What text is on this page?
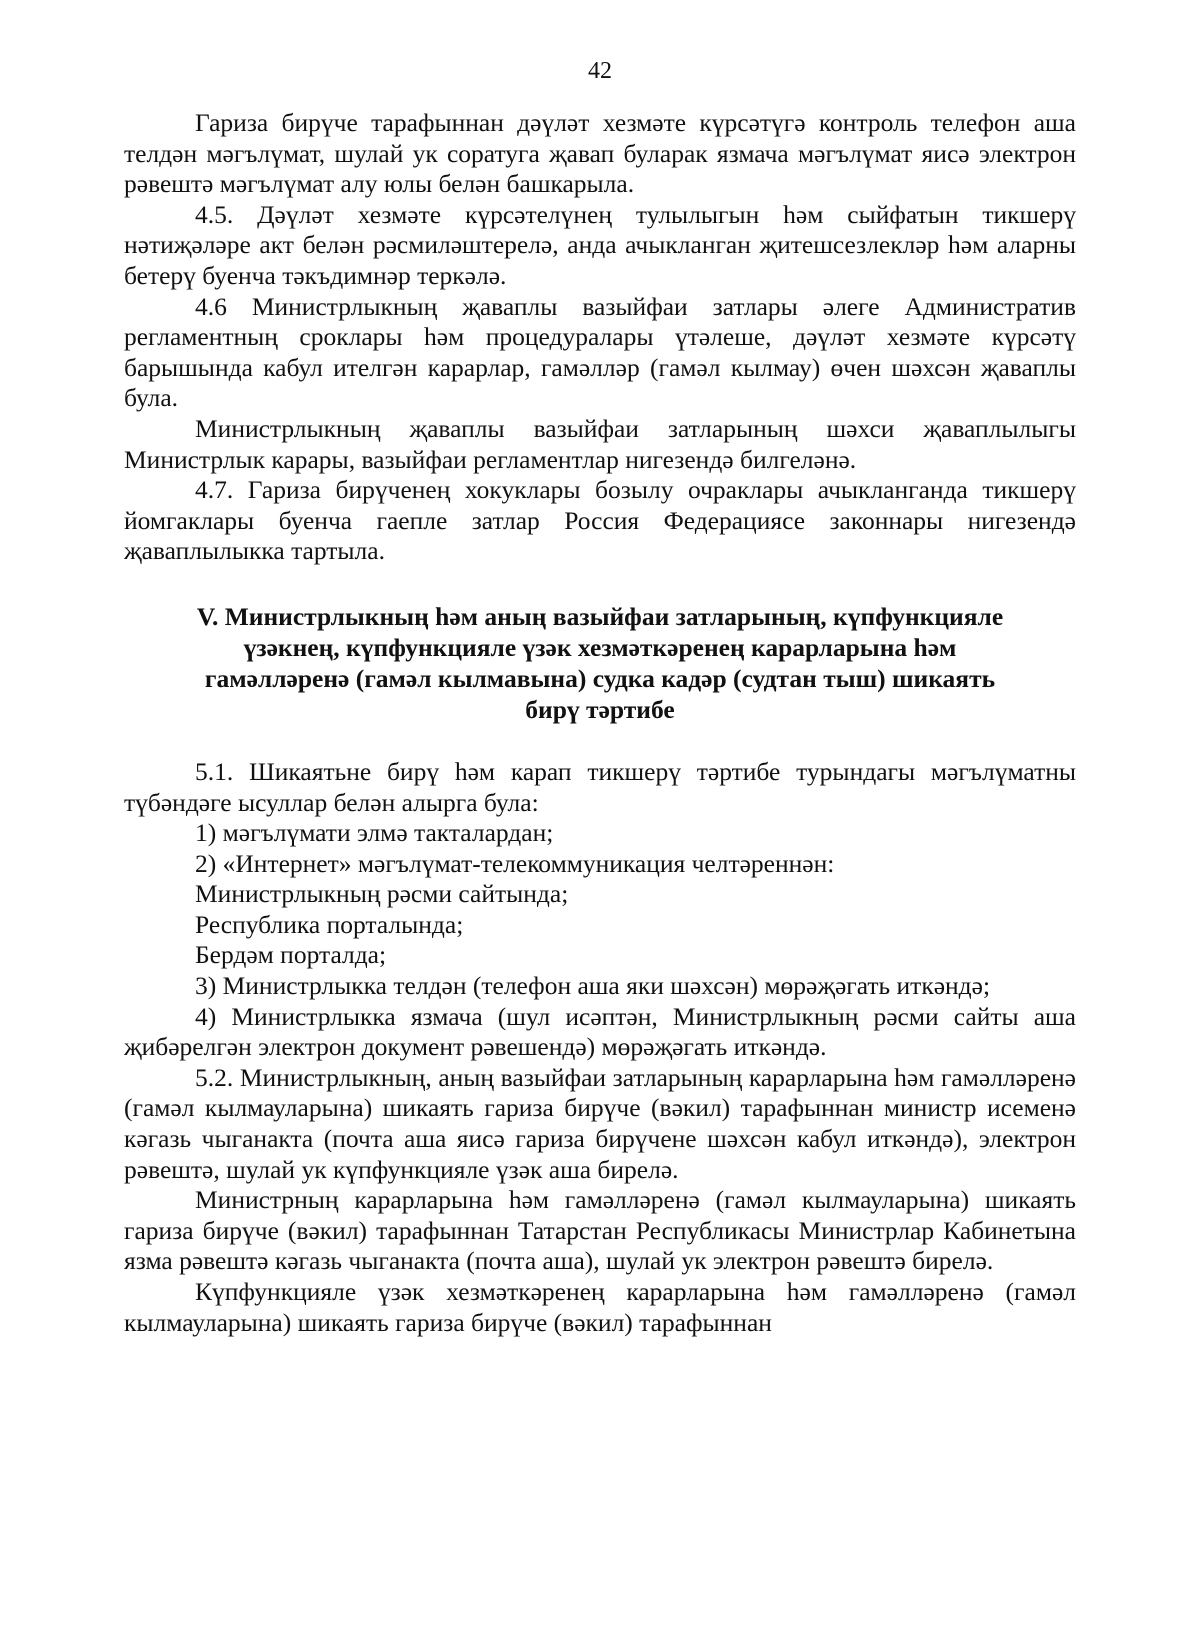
42

Гариза бирүче тарафыннан дәүләт хезмәте күрсәтүгә контроль телефон аша телдән мәгълүмат, шулай ук соратуга җавап буларак язмача мәгълүмат яисә электрон рәвештә мәгълүмат алу юлы белән башкарыла.

4.5. Дәүләт хезмәте күрсәтелүнең тулылыгын һәм сыйфатын тикшерү нәтиҗәләре акт белән рәсмиләштерелә, анда ачыкланган җитешсезлекләр һәм аларны бетерү буенча тәкъдимнәр теркәлә.

4.6 Министрлыкның җаваплы вазыйфаи затлары әлеге Административ регламентның сроклары һәм процедуралары үтәлеше, дәүләт хезмәте күрсәтү барышында кабул ителгән карарлар, гамәлләр (гамәл кылмау) өчен шәхсән җаваплы була.

Министрлыкның җаваплы вазыйфаи затларының шәхси җаваплылыгы Министрлык карары, вазыйфаи регламентлар нигезендә билгеләнә.

4.7. Гариза бирүченең хокуклары бозылу очраклары ачыкланганда тикшерү йомгаклары буенча гаепле затлар Россия Федерациясе законнары нигезендә җаваплылыкка тартыла.

V. Министрлыкның һәм аның вазыйфаи затларының, күпфункцияле
үзәкнең, күпфункцияле үзәк хезмәткәренең карарларына һәм
гамәлләренә (гамәл кылмавына) судка кадәр (судтан тыш) шикаять
бирү тәртибе

5.1. Шикаятьне бирү һәм карап тикшерү тәртибе турындагы мәгълүматны түбәндәге ысуллар белән алырга була:

1) мәгълүмати элмә такталардан;

2) «Интернет» мәгълүмат-телекоммуникация челтәреннән:

Министрлыкның рәсми сайтында;

Республика порталында;

Бердәм порталда;

3) Министрлыкка телдән (телефон аша яки шәхсән) мөрәҗәгать иткәндә;

4) Министрлыкка язмача (шул исәптән, Министрлыкның рәсми сайты аша җибәрелгән электрон документ рәвешендә) мөрәҗәгать иткәндә.

5.2. Министрлыкның, аның вазыйфаи затларының карарларына һәм гамәлләренә (гамәл кылмауларына) шикаять гариза бирүче (вәкил) тарафыннан министр исеменә кәгазь чыганакта (почта аша яисә гариза бирүчене шәхсән кабул иткәндә), электрон рәвештә, шулай ук күпфункцияле үзәк аша бирелә.

Министрның карарларына һәм гамәлләренә (гамәл кылмауларына) шикаять гариза бирүче (вәкил) тарафыннан Татарстан Республикасы Министрлар Кабинетына язма рәвештә кәгазь чыганакта (почта аша), шулай ук электрон рәвештә бирелә.

Күпфункцияле үзәк хезмәткәренең карарларына һәм гамәлләренә (гамәл кылмауларына) шикаять гариза бирүче (вәкил) тарафыннан
